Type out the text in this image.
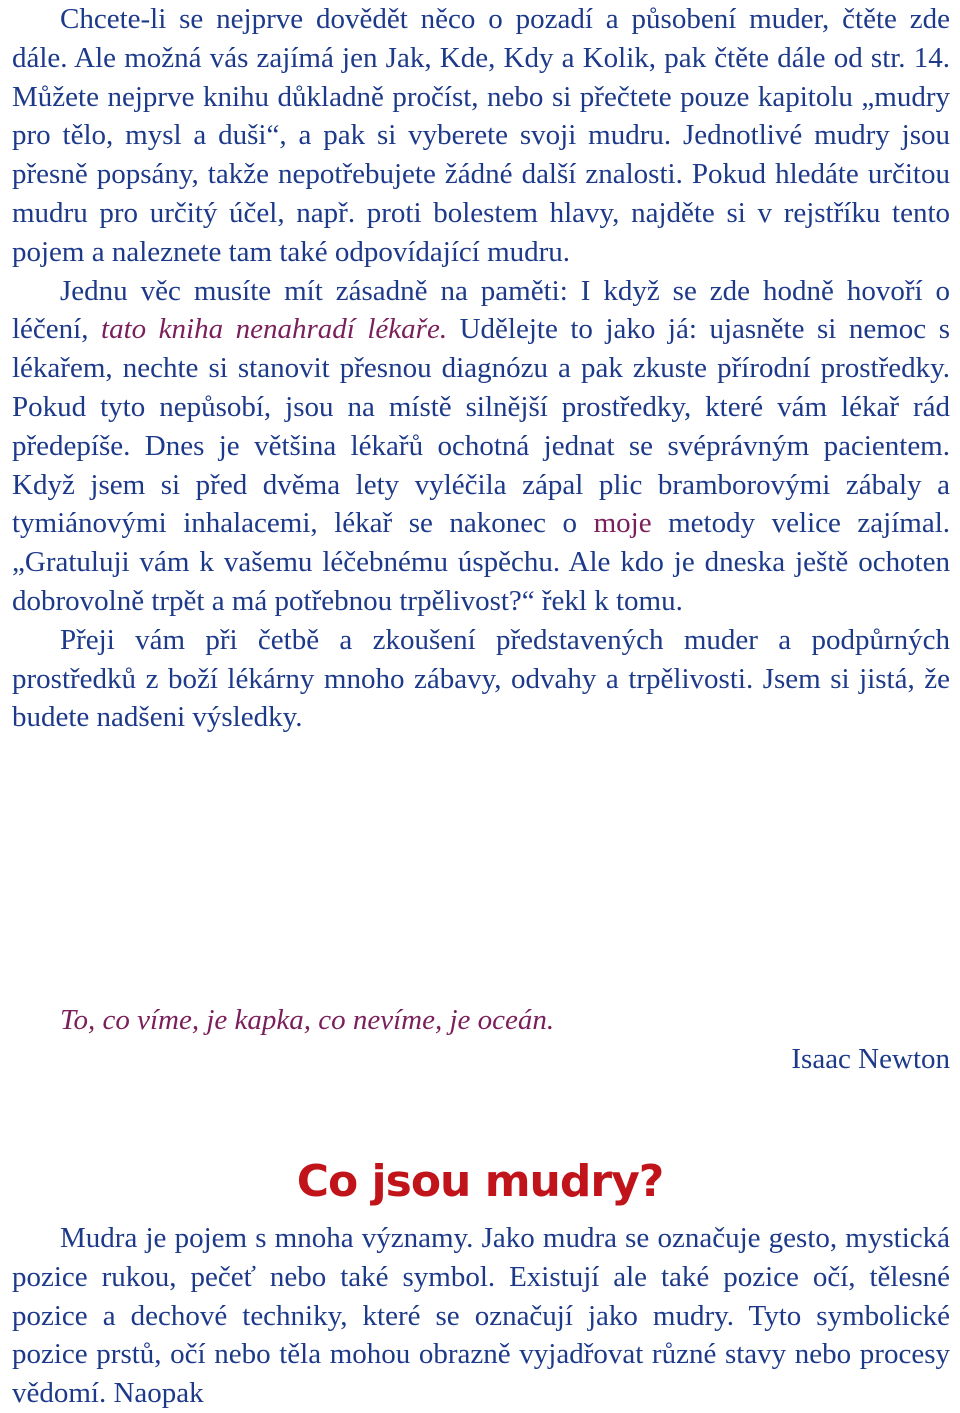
Chcete-li se nejprve dovědět něco o pozadí a působení muder, čtěte zde dále. Ale možná vás zajímá jen Jak, Kde, Kdy a Kolik, pak čtěte dále od str. 14. Můžete nejprve knihu důkladně pročíst, nebo si přečtete pouze kapitolu „mudry pro tělo, mysl a duši“, a pak si vyberete svoji mudru. Jednotlivé mudry jsou přesně popsány, takže nepotřebujete žádné další znalosti. Pokud hledáte určitou mudru pro určitý účel, např. proti bolestem hlavy, najděte si v rejstříku tento pojem a naleznete tam také odpovídající mudru.

Jednu věc musíte mít zásadně na paměti: I když se zde hodně hovoří o léčení, tato kniha nenahradí lékaře. Udělejte to jako já: ujasněte si nemoc s lékařem, nechte si stanovit přesnou diagnózu a pak zkuste přírodní prostředky. Pokud tyto nepůsobí, jsou na místě silnější prostředky, které vám lékař rád předepíše. Dnes je většina lékařů ochotná jednat se svéprávným pacientem. Když jsem si před dvěma lety vyléčila zápal plic bramborovými zábaly a tymiánovými inhalacemi, lékař se nakonec o moje metody velice zajímal. „Gratuluji vám k vašemu léčebnému úspěchu. Ale kdo je dneska ještě ochoten dobrovolně trpět a má potřebnou trpělivost?“ řekl k tomu.

Přeji vám při četbě a zkoušení představených muder a podpůrných prostředků z boží lékárny mnoho zábavy, odvahy a trpělivosti. Jsem si jistá, že budete nadšeni výsledky.

To, co víme, je kapka, co nevíme, je oceán.
Isaac Newton
Co jsou mudry?

Mudra je pojem s mnoha významy. Jako mudra se označuje gesto, mystická pozice rukou, pečeť nebo také symbol. Existují ale také pozice očí, tělesné pozice a dechové techniky, které se označují jako mudry. Tyto symbolické pozice prstů, očí nebo těla mohou obrazně vyjadřovat různé stavy nebo procesy vědomí. Naopak
